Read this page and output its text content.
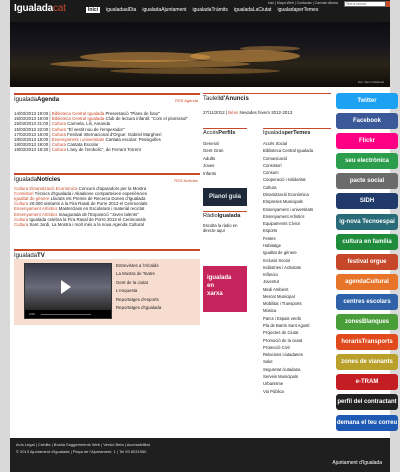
Igualadacat	Inici	igualadaalDia igualadaAjuntament igualadaTràmits igualadaLaCiutat igualadaperTemes
Inici | Mapa Web | Contactar | Canviar idioma	Text a cercar
foto: Sant Caldonell
IgualadaAgenda	RSS Agenda
14/03/2013 19:00 | Biblioteca Central Igualada Presentació "Plans de futur"
15/03/2013 19:00 | Biblioteca Central Igualada Club de lectura infantil: "Com el plomissol"
15/03/2013 21:00 | Cultura Carmela, Lili, Amanda
15/03/2013 22:00 | Cultura "El vestit nou de l'emperador"
17/03/2013 18:00 | Cultura Festival Internacional d'Orgue: Gabriel Marghieri
18/03/2013 18:00 | Ensenyament i universitats Cantata escolar: Pessigolles
18/03/2013 19:00 | Cultura Cantata Escolar
19/03/2013 18:30 | Cultura L'any de l'embolic", de Ferrant Torrent
IgualadaNotícies	RSS Notícies
Cultura Dinamització Econòmica Concurs d'aparadors per la Mostra
Consistori Tècnics d'Igualada i Akaakove comparteixen experiències
Igualtat de gènere Lliurats els Premis de Recerca Dones d'Igualada
Cultura 20.000 visitants a la Fira Rasal de Porre 2013 el Cerimonials
Ensenyament Artístics Masterclass en Escolaram i material reciclat
Ensenyament Artístics Inaugurada de l'Exposició "Joves talents"
Cultura Igualada celebra la Fira Rasal de Porre 2013 el Cerimonials
Cultura Sant Jordi, La Mostra i molt més a la nova Agenda Cultural
IgualadaTV
0:00
Entrevistes a l'Alcalde
La Mostra de Teatre
Gent de la ciutat
L'enquesta
Reportatges d'esports
Reportatges d'Igualada
Taulelld'Anuncis
27/11/2012 | Béns Nevades hivern 2012-2013
AccésPerfils
General
Gent Gran
Adults
Joves
Infants
Planol guia
RàdioIgualada
Escolta la ràdio en directe aquí
igualada
en
xarxa
IgualadaperTemes
Accés Social
Biblioteca Central Igualada
Comunicació
Consistori
Consum
Cooperació i solidaritat
Cultura
Dinamització Econòmica
Empreses Municipals
Ensenyament i universitats
Ensenyament Artístics
Equipaments Cívics
Esports
Festes
Habitatge
Igualtat de gènere
Inclusió Social
Indústries i Activitats
Infància
Joventut
Medi Ambient
Mercat Municipal
Mobilitat i Transports
Música
Parcs i Espais verds
Pla de Barris Sant Agustí
Projectes de Ciutat
Promoció de la ciutat
Protecció Civil
Relacions ciutadanes
Salut
Seguretat ciutadana
Serveis Municipals
Urbanisme
Via Pública
Twitter
Facebook
Flickr
seu electrònica
pacte social
SIDH
ig-nova Tecnoespai
cultura en família
festival orgue
agendaCultural
centres escolars
zonesBlanques
horarisTransports
zones de vianants
e-TRAM
perfil del contractant
demana el teu correu
Avís Legal | Crèdits | Bústia Suggeriments Web | Versió Beta | Accessibilitat
© 2013 Ajuntament d'Igualada | Plaça de l'Ajuntament, 1 | Tel 93 8031950
Ajuntament d'Igualada
